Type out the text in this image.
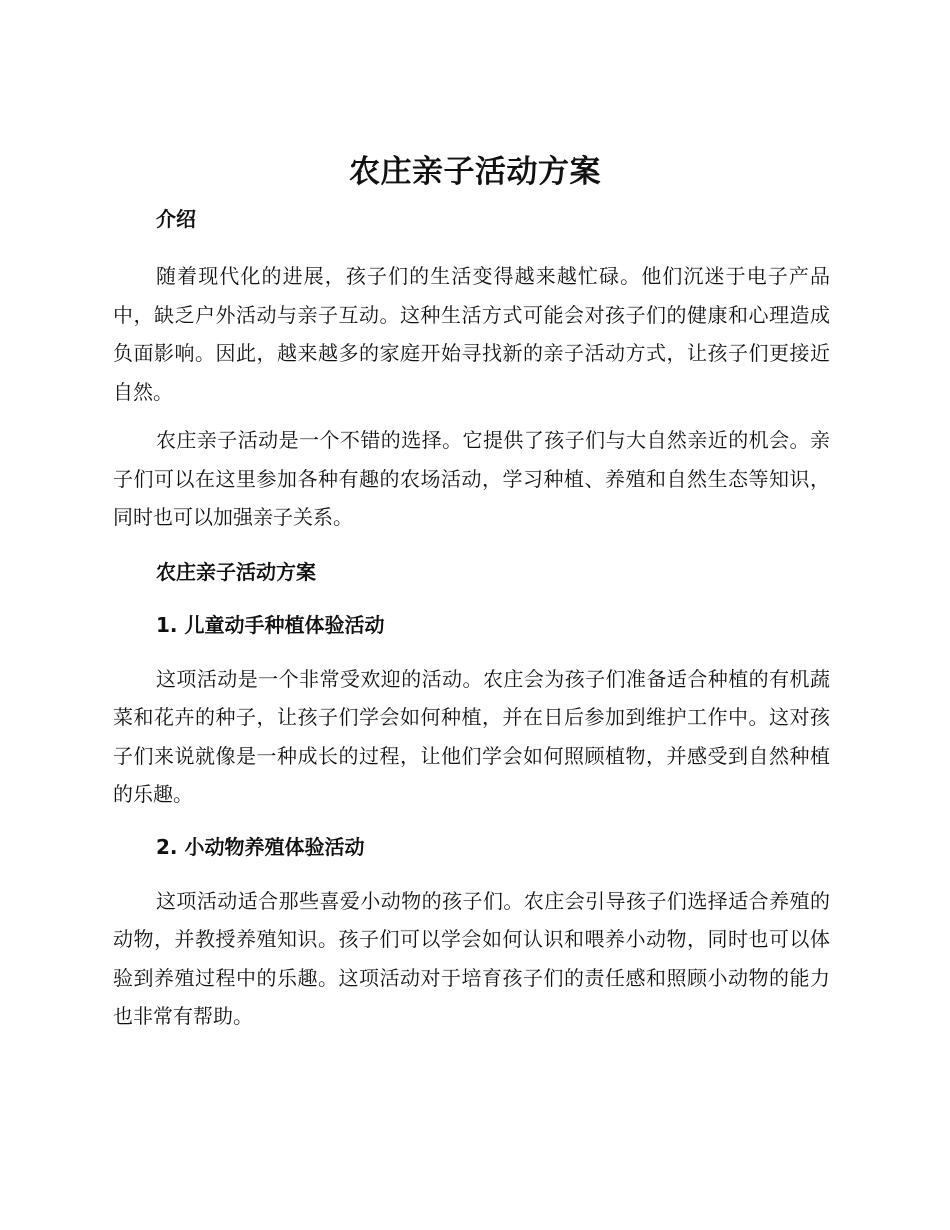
农庄亲子活动方案
介绍

随着现代化的进展，孩子们的生活变得越来越忙碌。他们沉迷于电子产品中，缺乏户外活动与亲子互动。这种生活方式可能会对孩子们的健康和心理造成负面影响。因此，越来越多的家庭开始寻找新的亲子活动方式，让孩子们更接近自然。

农庄亲子活动是一个不错的选择。它提供了孩子们与大自然亲近的机会。亲子们可以在这里参加各种有趣的农场活动，学习种植、养殖和自然生态等知识，同时也可以加强亲子关系。

农庄亲子活动方案
1. 儿童动手种植体验活动

这项活动是一个非常受欢迎的活动。农庄会为孩子们准备适合种植的有机蔬菜和花卉的种子，让孩子们学会如何种植，并在日后参加到维护工作中。这对孩子们来说就像是一种成长的过程，让他们学会如何照顾植物，并感受到自然种植的乐趣。

2. 小动物养殖体验活动

这项活动适合那些喜爱小动物的孩子们。农庄会引导孩子们选择适合养殖的动物，并教授养殖知识。孩子们可以学会如何认识和喂养小动物，同时也可以体验到养殖过程中的乐趣。这项活动对于培育孩子们的责任感和照顾小动物的能力也非常有帮助。
